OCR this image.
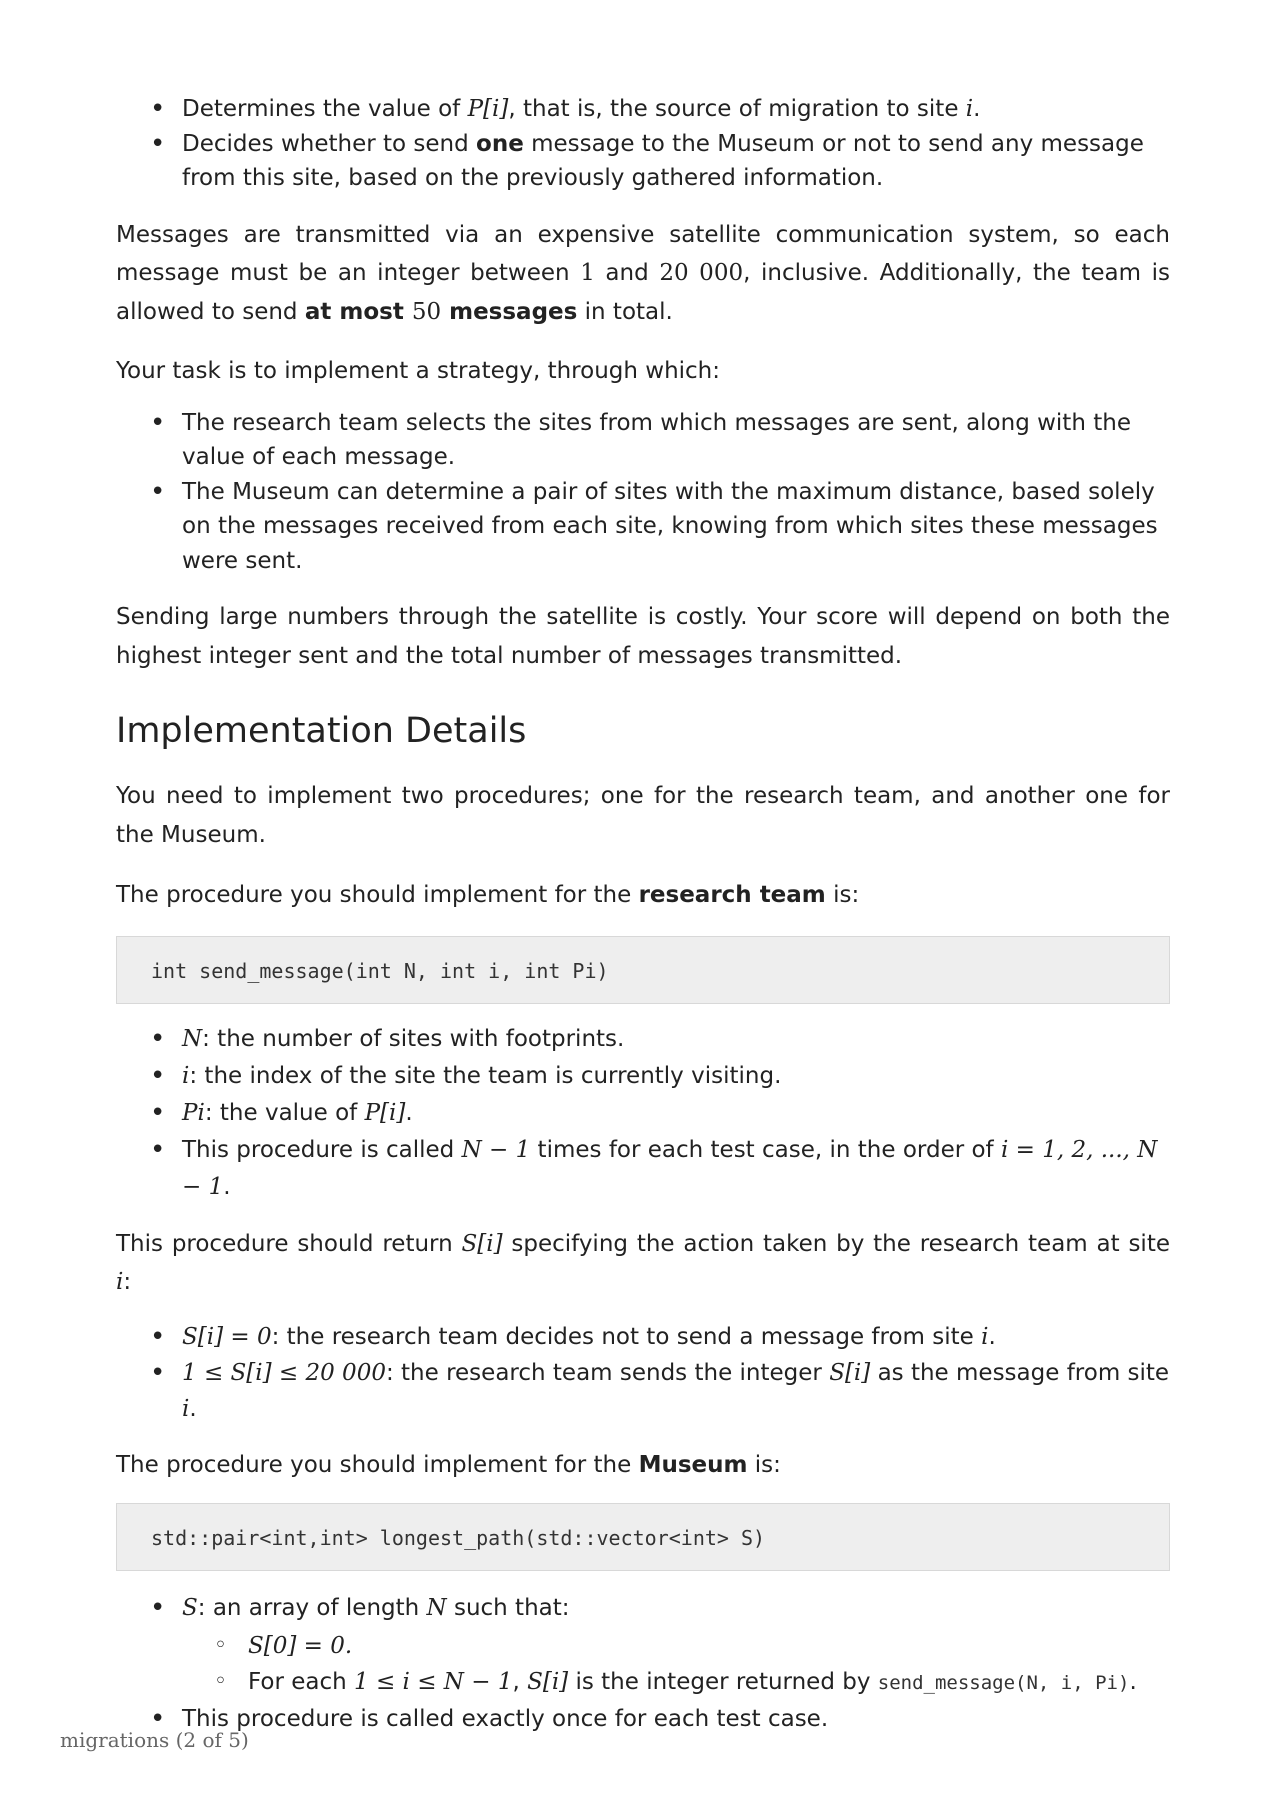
• Determines the value of P[i], that is, the source of migration to site i.
• Decides whether to send one message to the Museum or not to send any message from this site, based on the previously gathered information.

Messages are transmitted via an expensive satellite communication system, so each message must be an integer between 1 and 20 000, inclusive. Additionally, the team is allowed to send at most 50 messages in total.

Your task is to implement a strategy, through which:

• The research team selects the sites from which messages are sent, along with the value of each message.
• The Museum can determine a pair of sites with the maximum distance, based solely on the messages received from each site, knowing from which sites these messages were sent.

Sending large numbers through the satellite is costly. Your score will depend on both the highest integer sent and the total number of messages transmitted.

Implementation Details

You need to implement two procedures; one for the research team, and another one for the Museum.

The procedure you should implement for the research team is:

int send_message(int N, int i, int Pi)
• N: the number of sites with footprints.
• i: the index of the site the team is currently visiting.
• Pi: the value of P[i].
• This procedure is called N − 1 times for each test case, in the order of i = 1, 2, ..., N − 1.

This procedure should return S[i] specifying the action taken by the research team at site i:

• S[i] = 0: the research team decides not to send a message from site i.
• 1 ≤ S[i] ≤ 20 000: the research team sends the integer S[i] as the message from site i.

The procedure you should implement for the Museum is:

std::pair<int,int> longest_path(std::vector<int> S)
• S: an array of length N such that:
◦ S[0] = 0.
◦ For each 1 ≤ i ≤ N − 1, S[i] is the integer returned by send_message(N, i, Pi).
• This procedure is called exactly once for each test case.
migrations (2 of 5)
